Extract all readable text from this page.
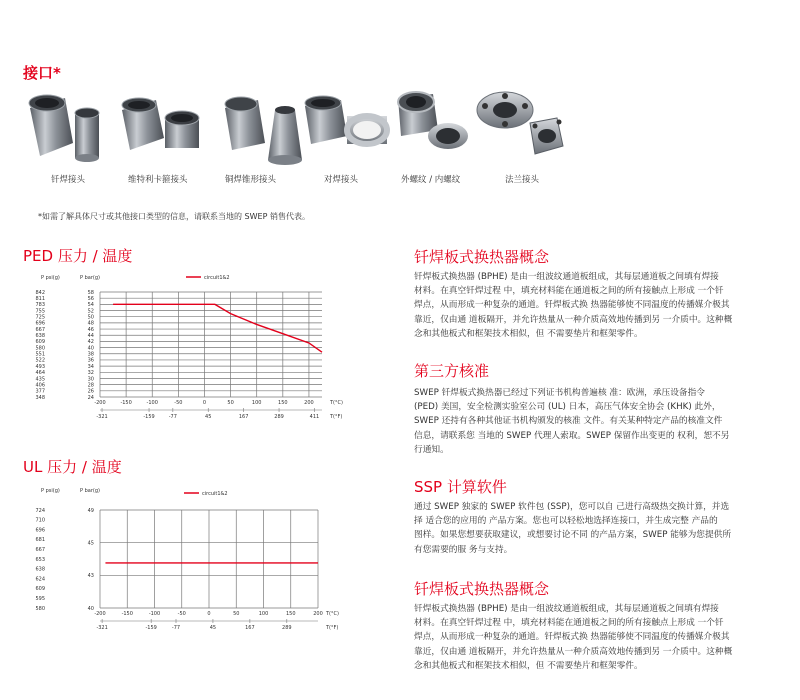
接口*
钎焊接头	维特利卡箍接头	铜焊锥形接头	对焊接头	外螺纹 / 内螺纹	法兰接头
*如需了解具体尺寸或其他接口类型的信息，请联系当地的 SWEP 销售代表。
PED 压力 / 温度
circuit1&2
P psi(g)	P bar(g)
-200	-150	-100	-50	0	50	100	150	200	T(°C)
-321	-159	-77	45	167	289	411 T(°F)
58
56
54
52
50
48
46
44
42
40
38
36
34
32
30
28
26
24
842
811
783
755
725
696
667
638
609
580
551
522
493
464
435
406
377
348
UL 压力 / 温度
circuit1&2
P psi(g)	P bar(g)
-200	-150	-100	-50	0	50	100	150	200 T(°C)
-321	-159	-77	45	167	289	T(°F)
49
45
43
40
724
710
696
681
667
653
638
624
609
595
580
钎焊板式换热器概念
钎焊板式换热器 (BPHE) 是由一组波纹通道板组成，其每层通道板之间填有焊接
材料。在真空钎焊过程 中，填充材料能在通道板之间的所有接触点上形成 一个钎
焊点，从而形成一种复杂的通道。钎焊板式换 热器能够使不同温度的传播媒介极其
靠近，仅由通 道板隔开，并允许热量从一种介质高效地传播到另 一介质中。这种概
念和其他板式和框架技术相似，但 不需要垫片和框架零件。
第三方核准
SWEP 钎焊板式换热器已经过下列证书机构普遍核 准：欧洲，承压设备指令
(PED) 美国，安全检测实验室公司 (UL) 日本，高压气体安全协会 (KHK) 此外，
SWEP 还持有各种其他证书机构颁发的核准 文件。有关某种特定产品的核准文件
信息，请联系您 当地的 SWEP 代理人索取。SWEP 保留作出变更的 权利，恕不另
行通知。
SSP 计算软件
通过 SWEP 独家的 SWEP 软件包 (SSP)，您可以自 己进行高级热交换计算，并选
择 适合您的应用的 产品方案。您也可以轻松地选择连接口，并生成完整 产品的
图样。如果您想要获取建议，或想要讨论不同 的产品方案，SWEP 能够为您提供所
有您需要的服 务与支持。
钎焊板式换热器概念
钎焊板式换热器 (BPHE) 是由一组波纹通道板组成，其每层通道板之间填有焊接
材料。在真空钎焊过程 中，填充材料能在通道板之间的所有接触点上形成 一个钎
焊点，从而形成一种复杂的通道。钎焊板式换 热器能够使不同温度的传播媒介极其
靠近，仅由通 道板隔开，并允许热量从一种介质高效地传播到另 一介质中。这种概
念和其他板式和框架技术相似，但 不需要垫片和框架零件。
